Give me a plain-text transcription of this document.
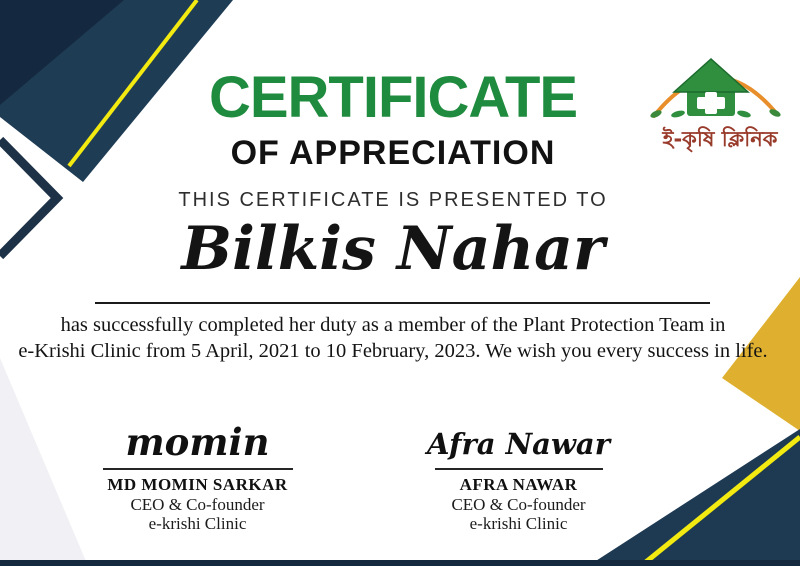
ই-কৃষি ক্লিনিক
CERTIFICATE
OF APPRECIATION
THIS CERTIFICATE IS PRESENTED TO
Bilkis Nahar
has successfully completed her duty as a member of the Plant Protection Team in
e-Krishi Clinic from 5 April, 2021 to 10 February, 2023. We wish you every success in life.
momin
MD MOMIN SARKAR
CEO & Co-founder
e-krishi Clinic
Afra Nawar
AFRA NAWAR
CEO & Co-founder
e-krishi Clinic
